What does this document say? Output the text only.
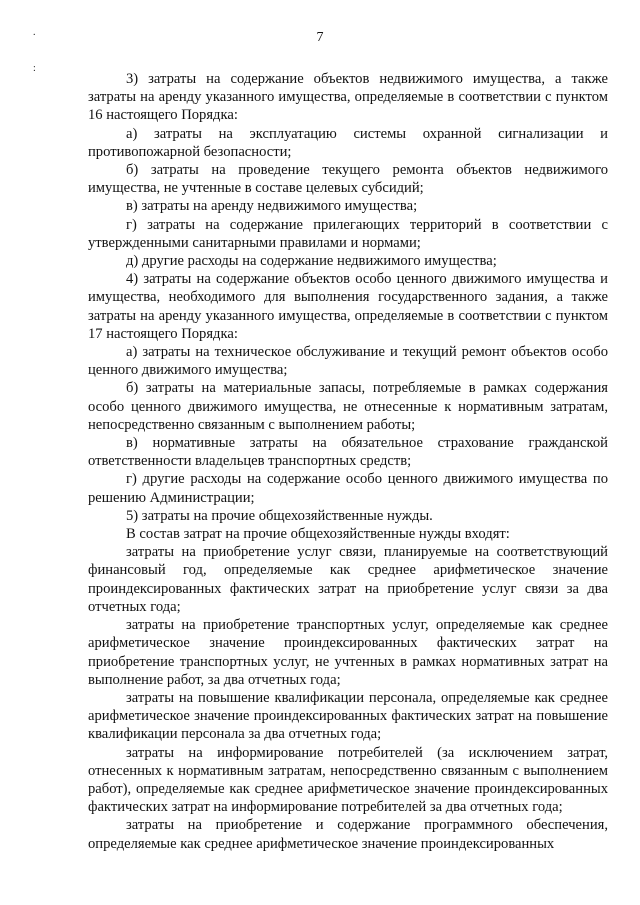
7
.
:

3) затраты на содержание объектов недвижимого имущества, а также затраты на аренду указанного имущества, определяемые в соответствии с пунктом 16 настоящего Порядка:

а) затраты на эксплуатацию системы охранной сигнализации и противопожарной безопасности;

б) затраты на проведение текущего ремонта объектов недвижимого имущества, не учтенные в составе целевых субсидий;

в) затраты на аренду недвижимого имущества;

г) затраты на содержание прилегающих территорий в соответствии с утвержденными санитарными правилами и нормами;

д) другие расходы на содержание недвижимого имущества;

4) затраты на содержание объектов особо ценного движимого имущества и имущества, необходимого для выполнения государственного задания, а также затраты на аренду указанного имущества, определяемые в соответствии с пунктом 17 настоящего Порядка:

а) затраты на техническое обслуживание и текущий ремонт объектов особо ценного движимого имущества;

б) затраты на материальные запасы, потребляемые в рамках содержания особо ценного движимого имущества, не отнесенные к нормативным затратам, непосредственно связанным с выполнением работы;

в) нормативные затраты на обязательное страхование гражданской ответственности владельцев транспортных средств;

г) другие расходы на содержание особо ценного движимого имущества по решению Администрации;

5) затраты на прочие общехозяйственные нужды.

В состав затрат на прочие общехозяйственные нужды входят:

затраты на приобретение услуг связи, планируемые на соответствующий финансовый год, определяемые как среднее арифметическое значение проиндексированных фактических затрат на приобретение услуг связи за два отчетных года;

затраты на приобретение транспортных услуг, определяемые как среднее арифметическое значение проиндексированных фактических затрат на приобретение транспортных услуг, не учтенных в рамках нормативных затрат на выполнение работ, за два отчетных года;

затраты на повышение квалификации персонала, определяемые как среднее арифметическое значение проиндексированных фактических затрат на повышение квалификации персонала за два отчетных года;

затраты на информирование потребителей (за исключением затрат, отнесенных к нормативным затратам, непосредственно связанным с выполнением работ), определяемые как среднее арифметическое значение проиндексированных фактических затрат на информирование потребителей за два отчетных года;

затраты на приобретение и содержание программного обеспечения, определяемые как среднее арифметическое значение проиндексированных
